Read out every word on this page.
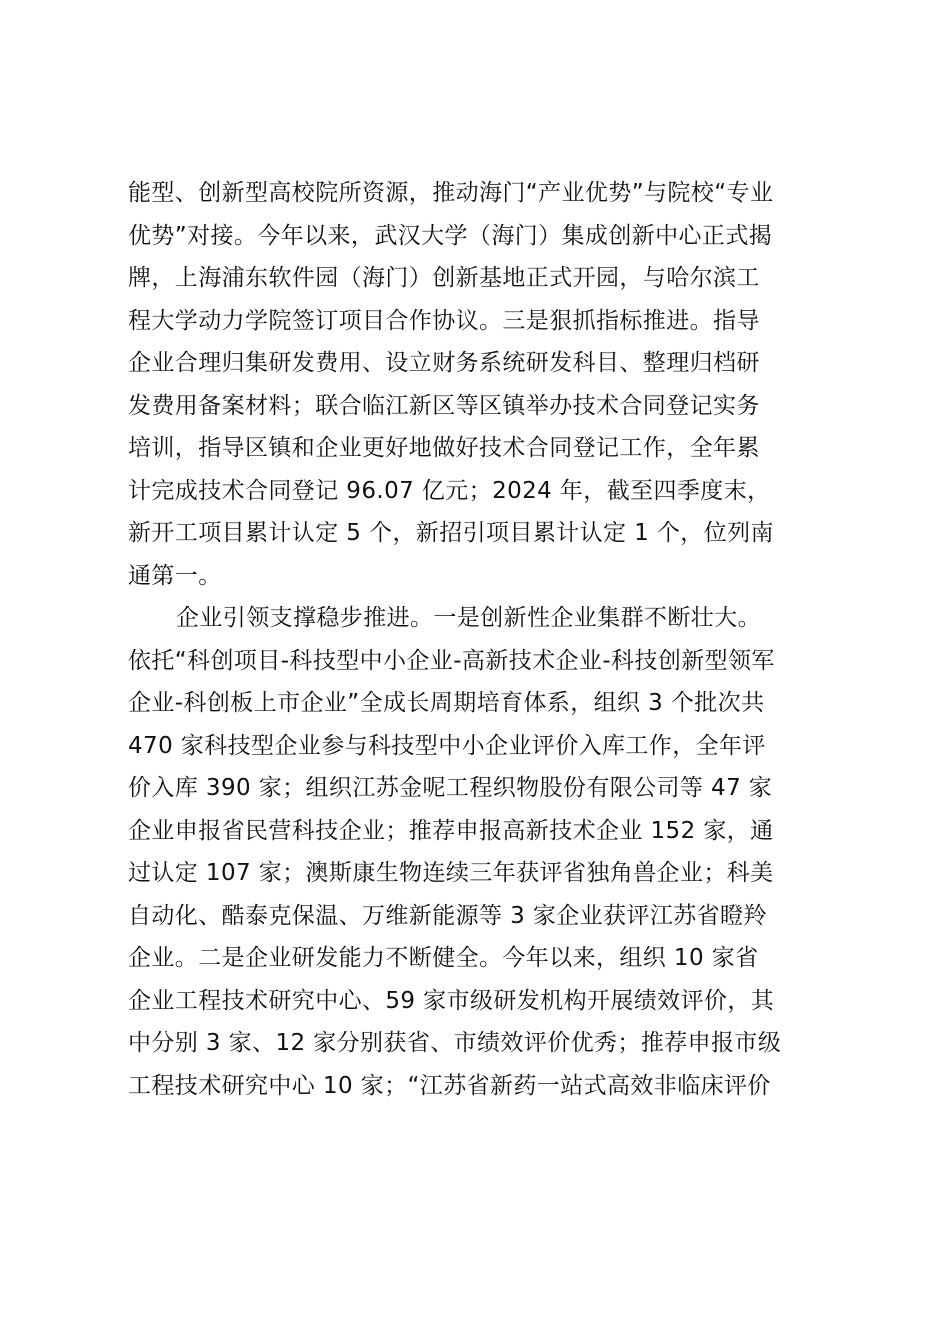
能型、创新型高校院所资源，推动海门“产业优势”与院校“专业
优势”对接。今年以来，武汉大学（海门）集成创新中心正式揭
牌，上海浦东软件园（海门）创新基地正式开园，与哈尔滨工
程大学动力学院签订项目合作协议。三是狠抓指标推进。指导
企业合理归集研发费用、设立财务系统研发科目、整理归档研
发费用备案材料；联合临江新区等区镇举办技术合同登记实务
培训，指导区镇和企业更好地做好技术合同登记工作，全年累
计完成技术合同登记 96.07 亿元；2024 年，截至四季度末，
新开工项目累计认定 5 个，新招引项目累计认定 1 个，位列南
通第一。
企业引领支撑稳步推进。一是创新性企业集群不断壮大。
依托“科创项目-科技型中小企业-高新技术企业-科技创新型领军
企业-科创板上市企业”全成长周期培育体系，组织 3 个批次共
470 家科技型企业参与科技型中小企业评价入库工作，全年评
价入库 390 家；组织江苏金呢工程织物股份有限公司等 47 家
企业申报省民营科技企业；推荐申报高新技术企业 152 家，通
过认定 107 家；澳斯康生物连续三年获评省独角兽企业；科美
自动化、酷泰克保温、万维新能源等 3 家企业获评江苏省瞪羚
企业。二是企业研发能力不断健全。今年以来，组织 10 家省
企业工程技术研究中心、59 家市级研发机构开展绩效评价，其
中分别 3 家、12 家分别获省、市绩效评价优秀；推荐申报市级
工程技术研究中心 10 家；“江苏省新药一站式高效非临床评价
